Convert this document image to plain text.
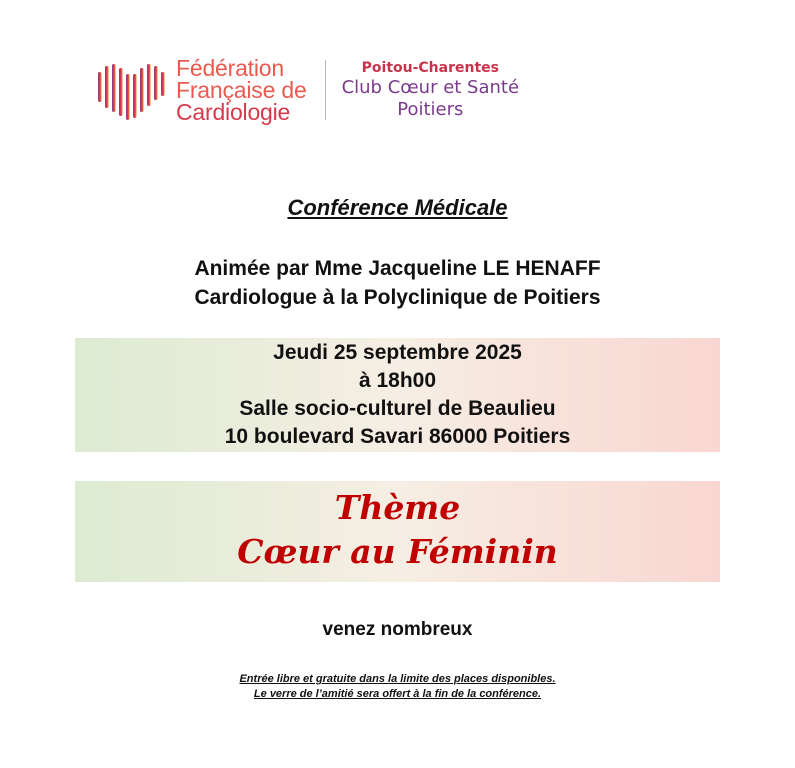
Fédération
Française de
Cardiologie
Poitou-Charentes
Club Cœur et Santé
Poitiers
Conférence Médicale
Animée par Mme Jacqueline LE HENAFF
Cardiologue à la Polyclinique de Poitiers
Jeudi 25 septembre 2025
à 18h00
Salle socio-culturel de Beaulieu
10 boulevard Savari 86000 Poitiers
Thème
Cœur au Féminin
venez nombreux
Entrée libre et gratuite dans la limite des places disponibles.
Le verre de l’amitié sera offert à la fin de la conférence.
